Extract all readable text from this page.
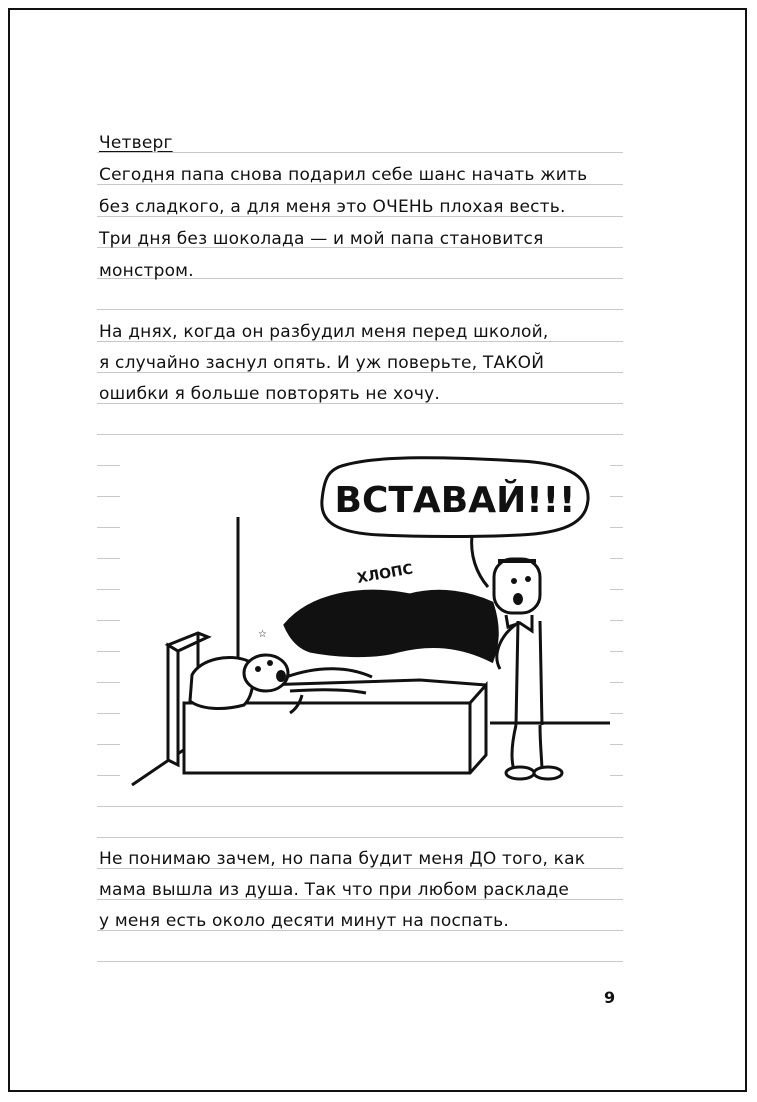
Четверг
Сегодня папа снова подарил себе шанс начать жить
без сладкого, а для меня это ОЧЕНЬ плохая весть.
Три дня без шоколада — и мой папа становится
монстром.
На днях, когда он разбудил меня перед школой,
я случайно заснул опять. И уж поверьте, ТАКОЙ
ошибки я больше повторять не хочу.
ВСТАВАЙ!!!
ХЛОПС
☆
Не понимаю зачем, но папа будит меня ДО того, как
мама вышла из душа. Так что при любом раскладе
у меня есть около десяти минут на поспать.
9
